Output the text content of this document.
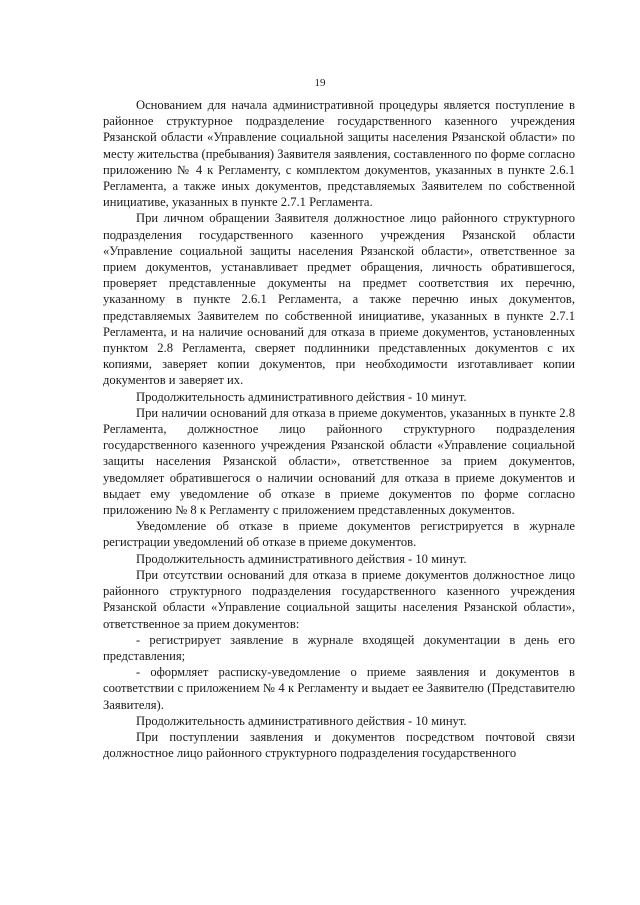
19

Основанием для начала административной процедуры является поступление в районное структурное подразделение государственного казенного учреждения Рязанской области «Управление социальной защиты населения Рязанской области» по месту жительства (пребывания) Заявителя заявления, составленного по форме согласно приложению № 4 к Регламенту, с комплектом документов, указанных в пункте 2.6.1 Регламента, а также иных документов, представляемых Заявителем по собственной инициативе, указанных в пункте 2.7.1 Регламента.

При личном обращении Заявителя должностное лицо районного структурного подразделения государственного казенного учреждения Рязанской области «Управление социальной защиты населения Рязанской области», ответственное за прием документов, устанавливает предмет обращения, личность обратившегося, проверяет представленные документы на предмет соответствия их перечню, указанному в пункте 2.6.1 Регламента, а также перечню иных документов, представляемых Заявителем по собственной инициативе, указанных в пункте 2.7.1 Регламента, и на наличие оснований для отказа в приеме документов, установленных пунктом 2.8 Регламента, сверяет подлинники представленных документов с их копиями, заверяет копии документов, при необходимости изготавливает копии документов и заверяет их.

Продолжительность административного действия - 10 минут.

При наличии оснований для отказа в приеме документов, указанных в пункте 2.8 Регламента, должностное лицо районного структурного подразделения государственного казенного учреждения Рязанской области «Управление социальной защиты населения Рязанской области», ответственное за прием документов, уведомляет обратившегося о наличии оснований для отказа в приеме документов и выдает ему уведомление об отказе в приеме документов по форме согласно приложению № 8 к Регламенту с приложением представленных документов.

Уведомление об отказе в приеме документов регистрируется в журнале регистрации уведомлений об отказе в приеме документов.

Продолжительность административного действия - 10 минут.

При отсутствии оснований для отказа в приеме документов должностное лицо районного структурного подразделения государственного казенного учреждения Рязанской области «Управление социальной защиты населения Рязанской области», ответственное за прием документов:

- регистрирует заявление в журнале входящей документации в день его представления;

- оформляет расписку-уведомление о приеме заявления и документов в соответствии с приложением № 4 к Регламенту и выдает ее Заявителю (Представителю Заявителя).

Продолжительность административного действия - 10 минут.

При поступлении заявления и документов посредством почтовой связи должностное лицо районного структурного подразделения государственного
